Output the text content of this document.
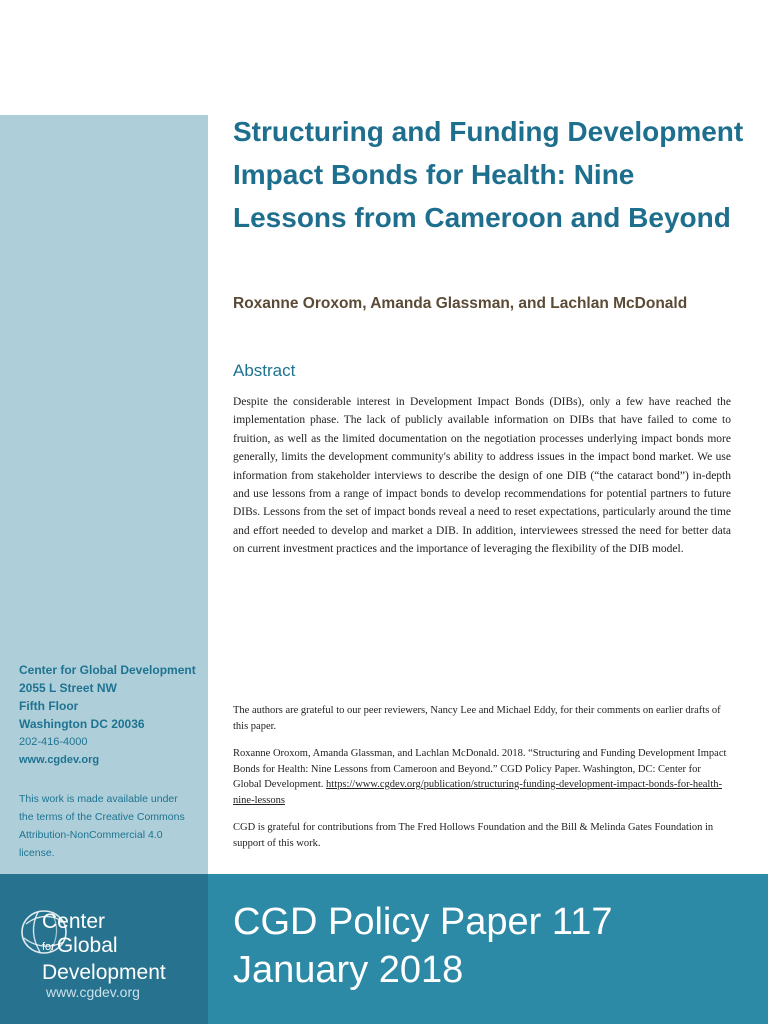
Center for Global Development
2055 L Street NW
Fifth Floor
Washington DC 20036
202-416-4000
www.cgdev.org
This work is made available under the terms of the Creative Commons Attribution-NonCommercial 4.0 license.
Structuring and Funding Development Impact Bonds for Health: Nine Lessons from Cameroon and Beyond

Roxanne Oroxom, Amanda Glassman, and Lachlan McDonald

Abstract

Despite the considerable interest in Development Impact Bonds (DIBs), only a few have reached the implementation phase. The lack of publicly available information on DIBs that have failed to come to fruition, as well as the limited documentation on the negotiation processes underlying impact bonds more generally, limits the development community's ability to address issues in the impact bond market. We use information from stakeholder interviews to describe the design of one DIB (“the cataract bond”) in-depth and use lessons from a range of impact bonds to develop recommendations for potential partners to future DIBs. Lessons from the set of impact bonds reveal a need to reset expectations, particularly around the time and effort needed to develop and market a DIB. In addition, interviewees stressed the need for better data on current investment practices and the importance of leveraging the flexibility of the DIB model.

The authors are grateful to our peer reviewers, Nancy Lee and Michael Eddy, for their comments on earlier drafts of this paper.

Roxanne Oroxom, Amanda Glassman, and Lachlan McDonald. 2018. “Structuring and Funding Development Impact Bonds for Health: Nine Lessons from Cameroon and Beyond.” CGD Policy Paper. Washington, DC: Center for Global Development. https://www.cgdev.org/publication/structuring-funding-development-impact-bonds-for-health-nine-lessons

CGD is grateful for contributions from The Fred Hollows Foundation and the Bill & Melinda Gates Foundation in support of this work.

Center
forGlobal
Development
www.cgdev.org
CGD Policy Paper 117
January 2018
